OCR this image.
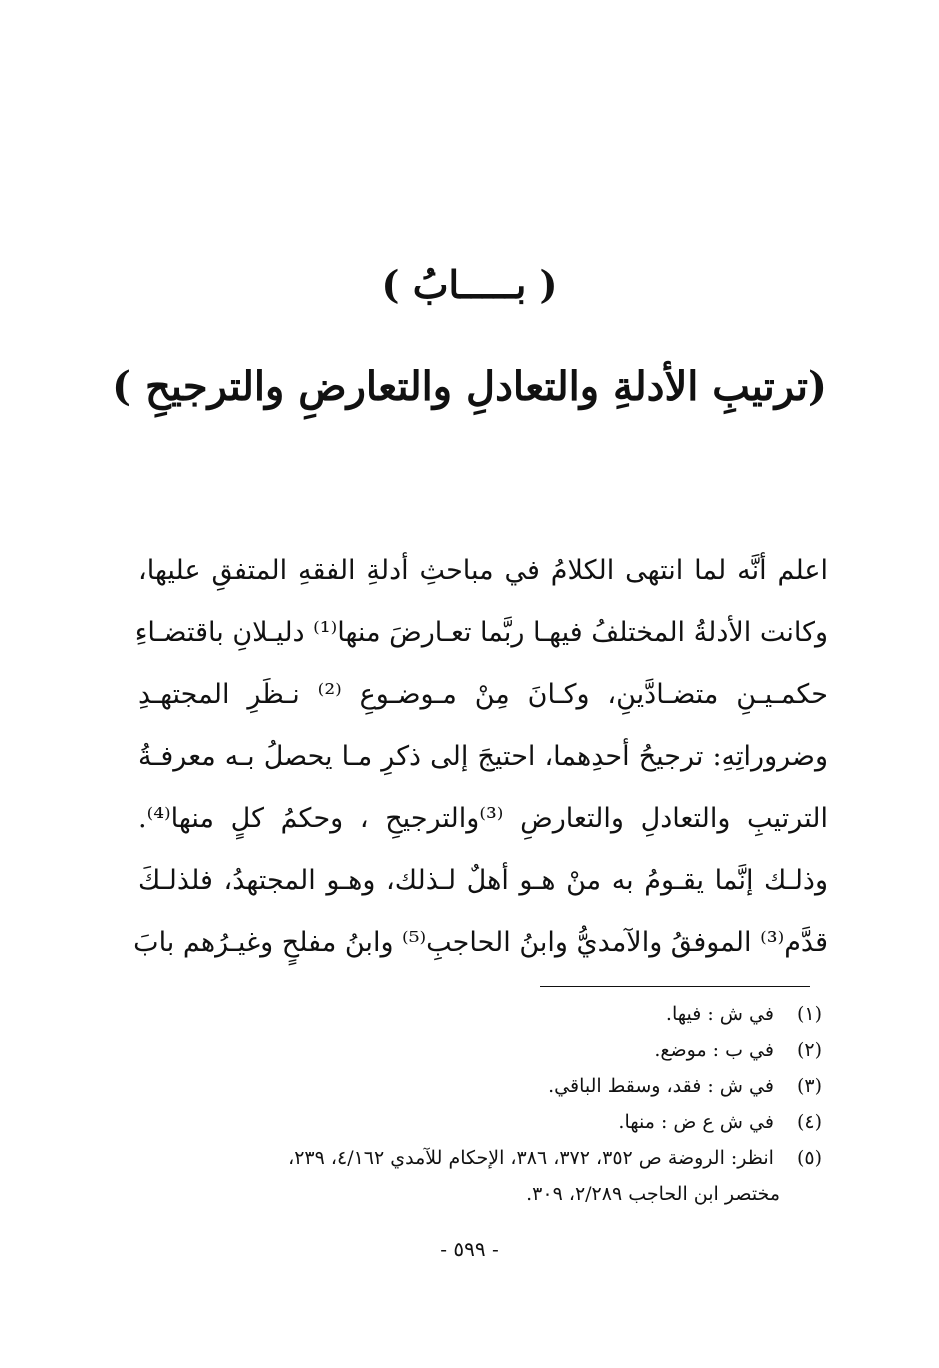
( بـــــابُ )
(ترتيبِ الأدلةِ والتعادلِ والتعارضِ والترجيحِ )
اعلم أنَّه لما انتهى الكلامُ في مباحثِ أدلةِ الفقهِ المتفقِ عليها،
وكانت الأدلةُ المختلفُ فيهـا ربَّما تعـارضَ منها⁽¹⁾ دليـلانِ باقتضـاءِ
حكمـيـنِ متضـادَّينِ، وكـانَ مِنْ مـوضـوعِ ⁽²⁾ نـظَرِ المجتهـدِ
وضروراتِهِ: ترجيحُ أحدِهما، احتيجَ إلى ذكرِ مـا يحصلُ بـه معرفـةُ
الترتيبِ والتعادلِ والتعارضِ ⁽³⁾والترجيحِ ، وحكمُ كلٍ منها⁽⁴⁾.
وذلـك إنَّما يقـومُ به منْ هـو أهلٌ لـذلك، وهـو المجتهدُ، فلذلـكَ
قدَّم⁽³⁾ الموفقُ والآمديُّ وابنُ الحاجبِ⁽⁵⁾ وابنُ مفلحٍ وغيـرُهم بابَ
(١) في ش : فيها.
(٢) في ب : موضع.
(٣) في ش : فقد، وسقط الباقي.
(٤) في ش ع ض : منها.
(٥) انظر: الروضة ص ٣٥٢، ٣٧٢، ٣٨٦، الإحكام للآمدي ٤/١٦٢، ٢٣٩،
مختصر ابن الحاجب ٢/٢٨٩، ٣٠٩.
- ٥٩٩ -
